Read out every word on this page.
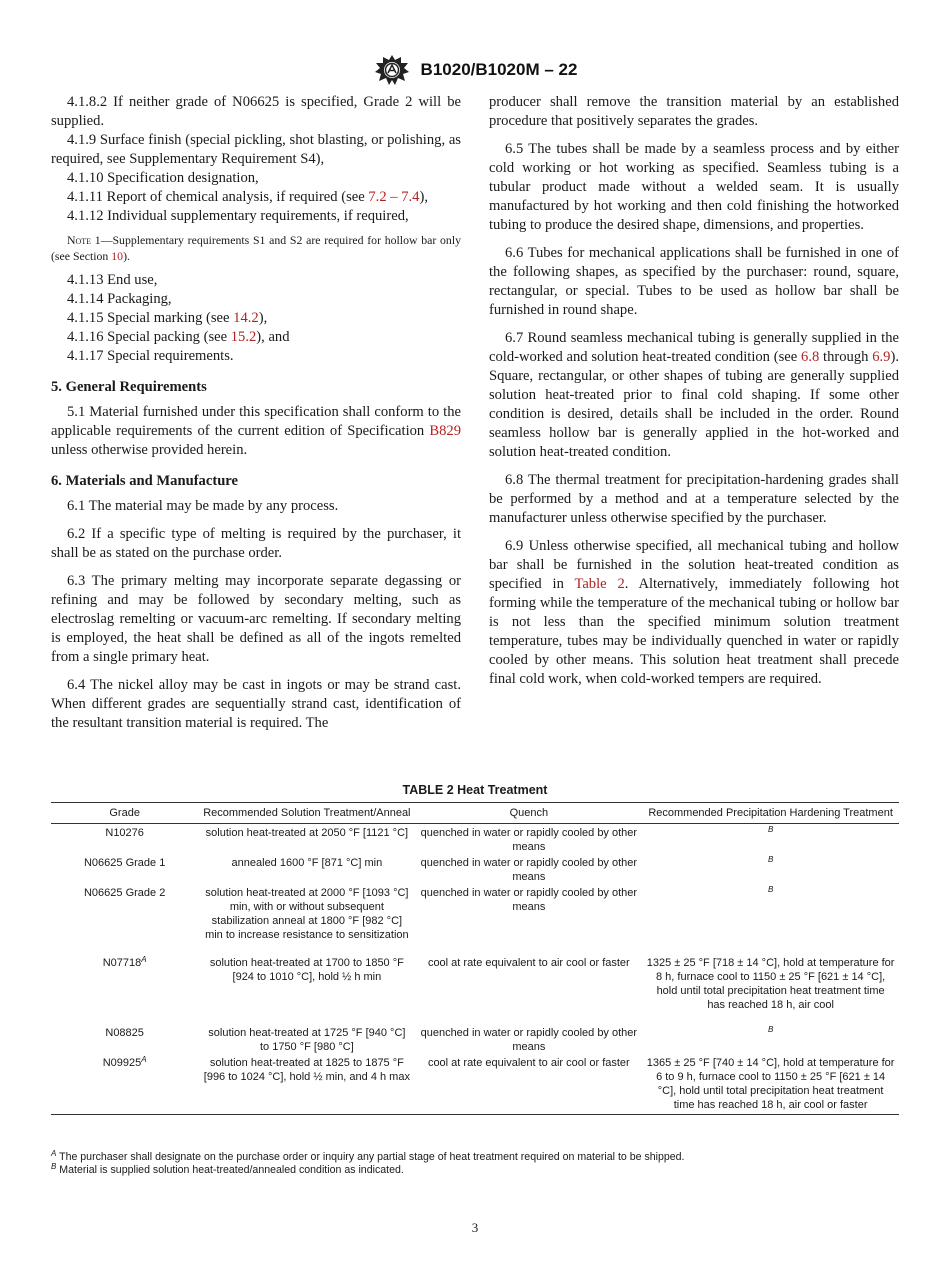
B1020/B1020M – 22

4.1.8.2 If neither grade of N06625 is specified, Grade 2 will be supplied.

4.1.9 Surface finish (special pickling, shot blasting, or polishing, as required, see Supplementary Requirement S4),

4.1.10 Specification designation,

4.1.11 Report of chemical analysis, if required (see 7.2 – 7.4),

4.1.12 Individual supplementary requirements, if required,

Note 1—Supplementary requirements S1 and S2 are required for hollow bar only (see Section 10).

4.1.13 End use,

4.1.14 Packaging,

4.1.15 Special marking (see 14.2),

4.1.16 Special packing (see 15.2), and

4.1.17 Special requirements.

5. General Requirements

5.1 Material furnished under this specification shall conform to the applicable requirements of the current edition of Specification B829 unless otherwise provided herein.

6. Materials and Manufacture

6.1 The material may be made by any process.

6.2 If a specific type of melting is required by the purchaser, it shall be as stated on the purchase order.

6.3 The primary melting may incorporate separate degassing or refining and may be followed by secondary melting, such as electroslag remelting or vacuum-arc remelting. If secondary melting is employed, the heat shall be defined as all of the ingots remelted from a single primary heat.

6.4 The nickel alloy may be cast in ingots or may be strand cast. When different grades are sequentially strand cast, identification of the resultant transition material is required. The

producer shall remove the transition material by an established procedure that positively separates the grades.

6.5 The tubes shall be made by a seamless process and by either cold working or hot working as specified. Seamless tubing is a tubular product made without a welded seam. It is usually manufactured by hot working and then cold finishing the hotworked tubing to produce the desired shape, dimensions, and properties.

6.6 Tubes for mechanical applications shall be furnished in one of the following shapes, as specified by the purchaser: round, square, rectangular, or special. Tubes to be used as hollow bar shall be furnished in round shape.

6.7 Round seamless mechanical tubing is generally supplied in the cold-worked and solution heat-treated condition (see 6.8 through 6.9). Square, rectangular, or other shapes of tubing are generally supplied solution heat-treated prior to final cold shaping. If some other condition is desired, details shall be included in the order. Round seamless hollow bar is generally applied in the hot-worked and solution heat-treated condition.

6.8 The thermal treatment for precipitation-hardening grades shall be performed by a method and at a temperature selected by the manufacturer unless otherwise specified by the purchaser.

6.9 Unless otherwise specified, all mechanical tubing and hollow bar shall be furnished in the solution heat-treated condition as specified in Table 2. Alternatively, immediately following hot forming while the temperature of the mechanical tubing or hollow bar is not less than the specified minimum solution treatment temperature, tubes may be individually quenched in water or rapidly cooled by other means. This solution heat treatment shall precede final cold work, when cold-worked tempers are required.

TABLE 2 Heat Treatment
Grade	Recommended Solution Treatment/Anneal	Quench	Recommended Precipitation Hardening Treatment
N10276	solution heat-treated at 2050 °F [1121 °C]	quenched in water or rapidly cooled by other means	$^B$
N06625 Grade 1	annealed 1600 °F [871 °C] min	quenched in water or rapidly cooled by other means	$^B$
N06625 Grade 2	solution heat-treated at 2000 °F [1093 °C] min, with or without subsequent stabilization anneal at 1800 °F [982 °C] min to increase resistance to sensitization	quenched in water or rapidly cooled by other means	$^B$
$N07718^A$	solution heat-treated at 1700 to 1850 °F [924 to 1010 °C], hold ½ h min	cool at rate equivalent to air cool or faster	1325 ± 25 °F [718 ± 14 °C], hold at temperature for 8 h, furnace cool to 1150 ± 25 °F [621 ± 14 °C], hold until total precipitation heat treatment time has reached 18 h, air cool
N08825	solution heat-treated at 1725 °F [940 °C] to 1750 °F [980 °C]	quenched in water or rapidly cooled by other means	$^B$
$N09925^A$	solution heat-treated at 1825 to 1875 °F [996 to 1024 °C], hold ½ min, and 4 h max	cool at rate equivalent to air cool or faster	1365 ± 25 °F [740 ± 14 °C], hold at temperature for 6 to 9 h, furnace cool to 1150 ± 25 °F [621 ± 14 °C], hold until total precipitation heat treatment time has reached 18 h, air cool or faster
$^A$ The purchaser shall designate on the purchase order or inquiry any partial stage of heat treatment required on material to be shipped.
$^B$ Material is supplied solution heat-treated/annealed condition as indicated.
3
